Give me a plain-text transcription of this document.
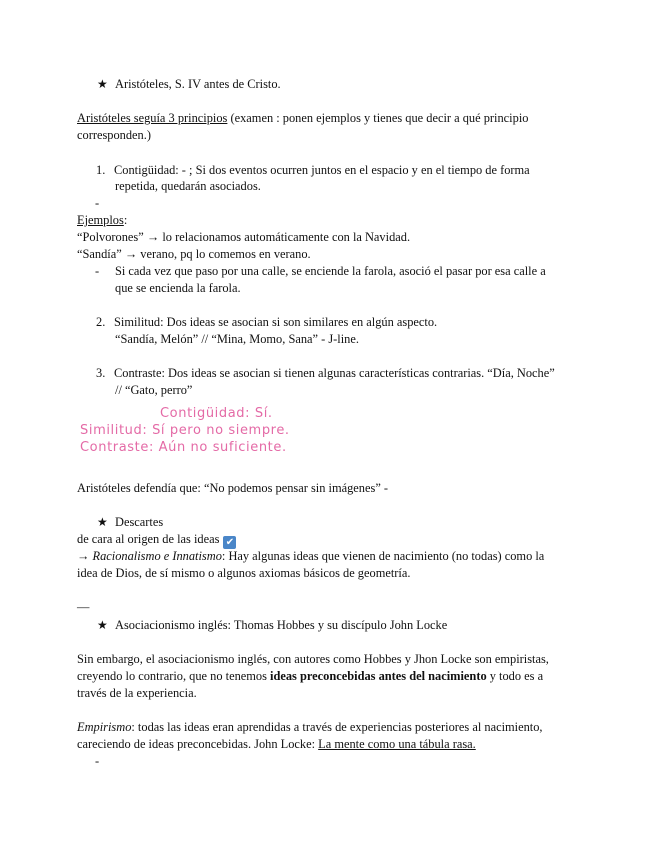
★ Aristóteles, S. IV antes de Cristo.
Aristóteles seguía 3 principios (examen : ponen ejemplos y tienes que decir a qué principio
corresponden.)
1. Contigüidad: - ; Si dos eventos ocurren juntos en el espacio y en el tiempo de forma
repetida, quedarán asociados.
-
Ejemplos:
“Polvorones” → lo relacionamos automáticamente con la Navidad.
“Sandía” → verano, pq lo comemos en verano.
- Si cada vez que paso por una calle, se enciende la farola, asoció el pasar por esa calle a
que se encienda la farola.
2. Similitud: Dos ideas se asocian si son similares en algún aspecto.
“Sandía, Melón” // “Mina, Momo, Sana” - J-line.
3. Contraste: Dos ideas se asocian si tienen algunas características contrarias. “Día, Noche”
// “Gato, perro”
Contigüidad: Sí.
Similitud: Sí pero no siempre.
Contraste: Aún no suficiente.
Aristóteles defendía que: “No podemos pensar sin imágenes” -
★ Descartes
de cara al origen de las ideas ✔
→ Racionalismo e Innatismo: Hay algunas ideas que vienen de nacimiento (no todas) como la
idea de Dios, de sí mismo o algunos axiomas básicos de geometría.
—
★ Asociacionismo inglés: Thomas Hobbes y su discípulo John Locke
Sin embargo, el asociacionismo inglés, con autores como Hobbes y Jhon Locke son empiristas,
creyendo lo contrario, que no tenemos ideas preconcebidas antes del nacimiento y todo es a
través de la experiencia.
Empirismo: todas las ideas eran aprendidas a través de experiencias posteriores al nacimiento,
careciendo de ideas preconcebidas. John Locke: La mente como una tábula rasa.
-
